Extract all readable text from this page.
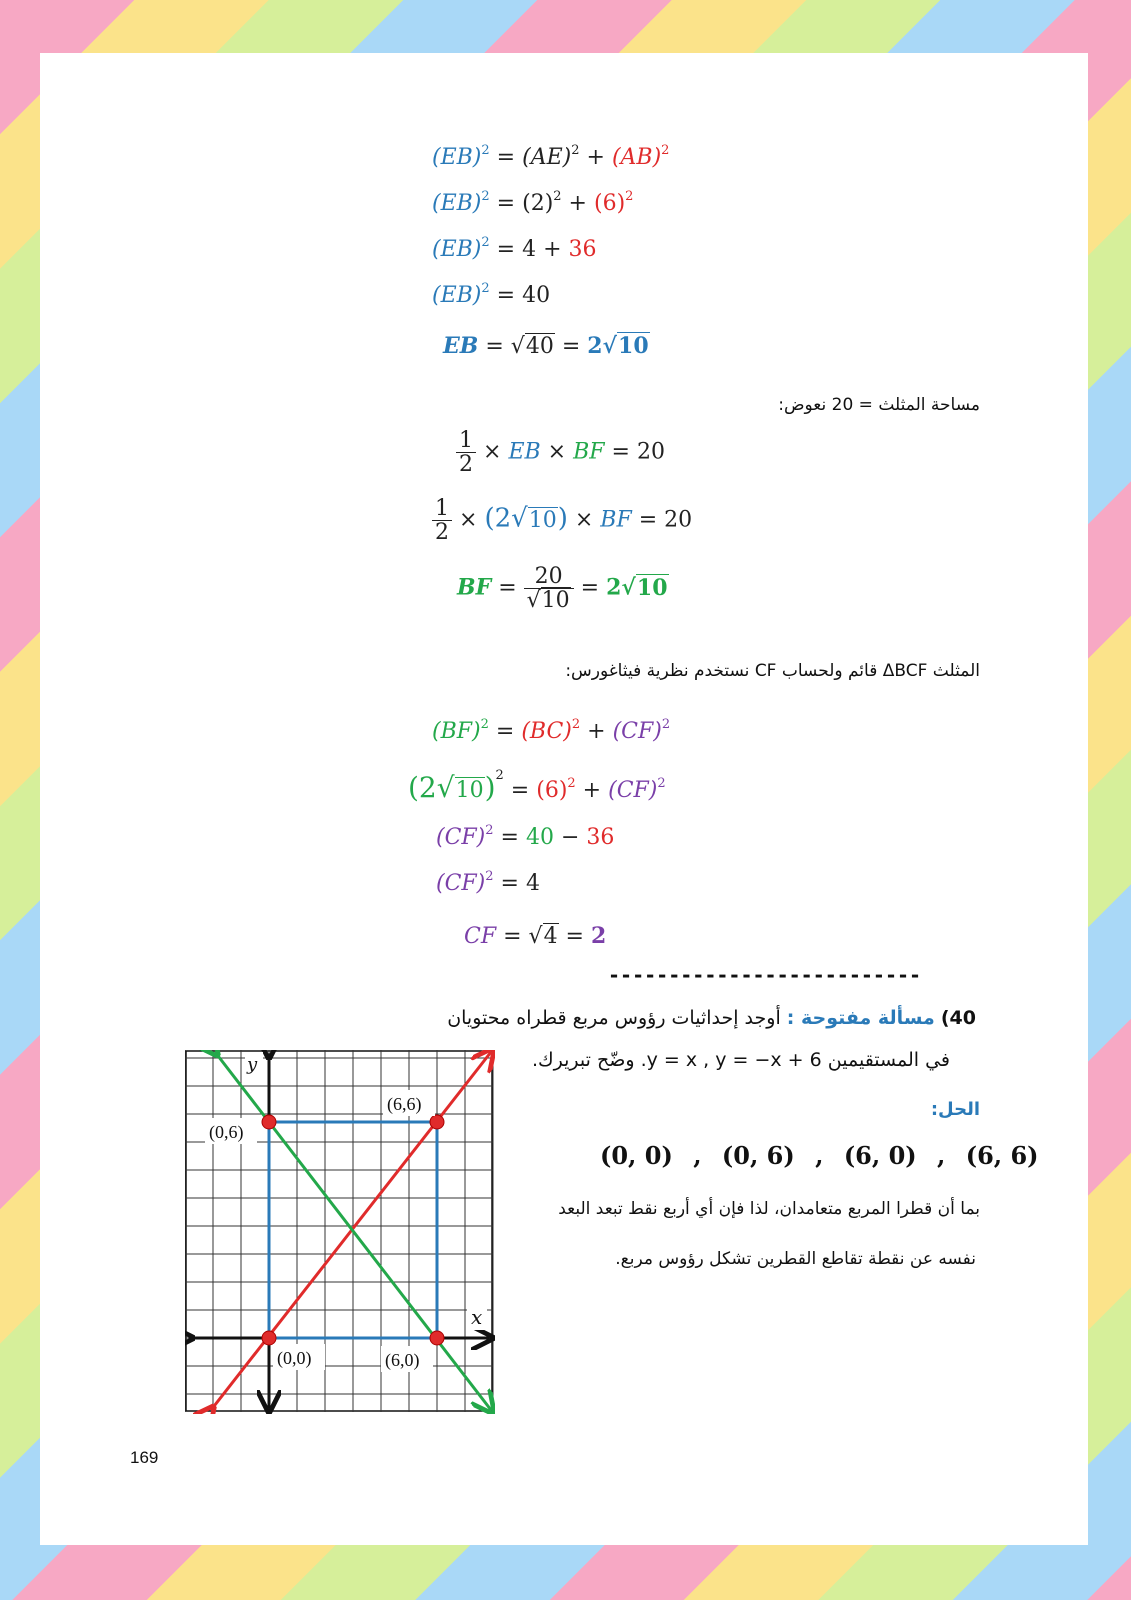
(EB)$^2$ = (AE)$^2$ + (AB)$^2$
$(EB)^2 = (2)^2 + (6)^2$
(EB)$^2$ = 4 + 36
(EB)$^2$ = 40
EB = √40 = 2√10
مساحة المثلث = 20 نعوض:
$\frac{1}{2}$ × EB × BF = 20
$\frac{1}{2} \times (2√10)$ × BF = 20
BF = $\frac{20}{√10} = 2√10$
المثلث ΔBCF قائم ولحساب CF نستخدم نظرية فيثاغورس:
(BF)$^2$ = (BC)$^2$ + (CF)$^2$
$(2√10)^2 = (6)^2 + (CF)^2$
(CF)$^2$ = 40 − 36
(CF)$^2$ = 4
CF = √4 = 2
--------------------------
40) مسألة مفتوحة : أوجد إحداثيات رؤوس مربع قطراه محتويان
في المستقيمين y = x , y = −x + 6. وضّح تبريرك.
الحل:
(0, 0) , (0, 6) , (6, 0) , (6, 6)
بما أن قطرا المربع متعامدان، لذا فإن أي أربع نقط تبعد البعد
نفسه عن نقطة تقاطع القطرين تشكل رؤوس مربع.
y
x
(0,6)
(6,6)
(0,0)	(6,0)
169
